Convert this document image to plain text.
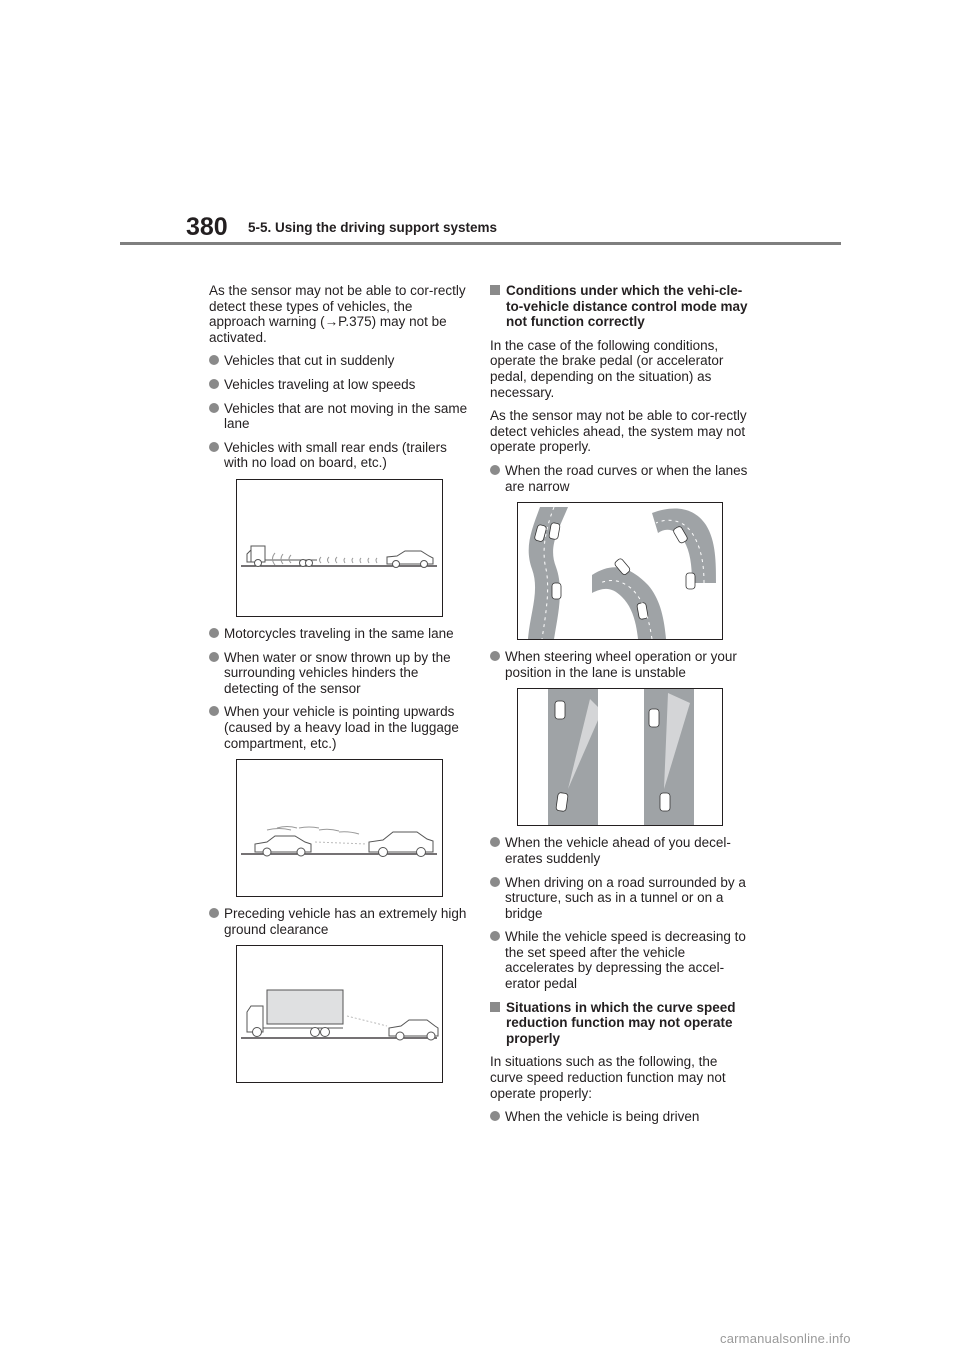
380 5-5. Using the driving support systems

As the sensor may not be able to cor-rectly detect these types of vehicles, the approach warning (→P.375) may not be activated.

Vehicles that cut in suddenly
Vehicles traveling at low speeds
Vehicles that are not moving in the same lane
Vehicles with small rear ends (trailers with no load on board, etc.)
Motorcycles traveling in the same lane
When water or snow thrown up by the surrounding vehicles hinders the detecting of the sensor
When your vehicle is pointing upwards (caused by a heavy load in the luggage compartment, etc.)
Preceding vehicle has an extremely high ground clearance
Conditions under which the vehi-cle-to-vehicle distance control mode may not function correctly

In the case of the following conditions, operate the brake pedal (or accelerator pedal, depending on the situation) as necessary.

As the sensor may not be able to cor-rectly detect vehicles ahead, the system may not operate properly.

When the road curves or when the lanes are narrow
When steering wheel operation or your position in the lane is unstable
When the vehicle ahead of you decel-erates suddenly
When driving on a road surrounded by a structure, such as in a tunnel or on a bridge
While the vehicle speed is decreasing to the set speed after the vehicle accelerates by depressing the accel-erator pedal
Situations in which the curve speed reduction function may not operate properly

In situations such as the following, the curve speed reduction function may not operate properly:

When the vehicle is being driven
carmanualsonline.info
